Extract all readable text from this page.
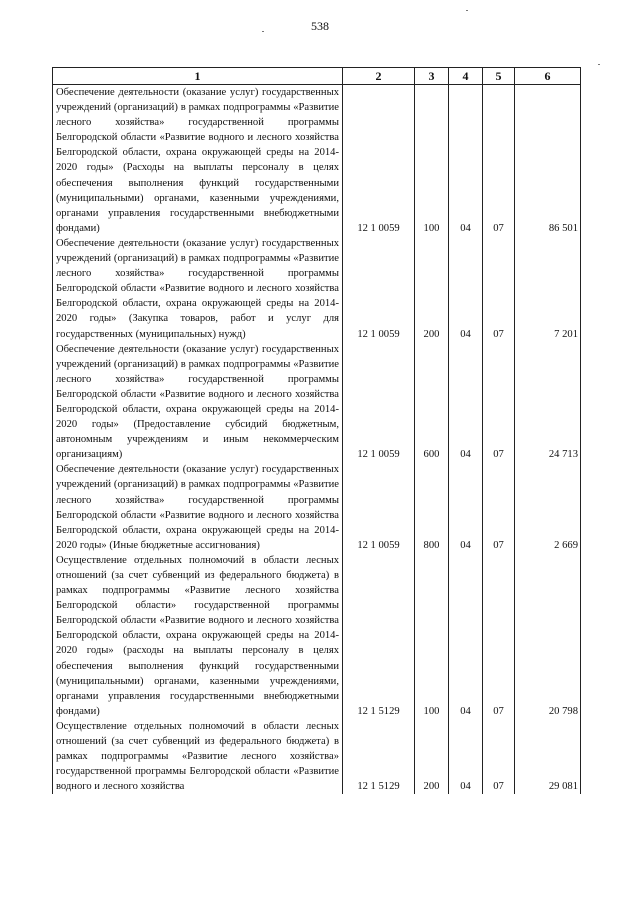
538
1	2	3	4	5	6
Обеспечение деятельности (оказание услуг) государственных учреждений (организаций) в рамках подпрограммы «Развитие лесного хозяйства» государственной программы Белгородской области «Развитие водного и лесного хозяйства Белгородской области, охрана окружающей среды на 2014-2020 годы» (Расходы на выплаты персоналу в целях обеспечения выполнения функций государственными (муниципальными) органами, казенными учреждениями, органами управления государственными внебюджетными фондами)	12 1 0059	100	04	07	86 501
Обеспечение деятельности (оказание услуг) государственных учреждений (организаций) в рамках подпрограммы «Развитие лесного хозяйства» государственной программы Белгородской области «Развитие водного и лесного хозяйства Белгородской области, охрана окружающей среды на 2014-2020 годы» (Закупка товаров, работ и услуг для государственных (муниципальных) нужд)	12 1 0059	200	04	07	7 201
Обеспечение деятельности (оказание услуг) государственных учреждений (организаций) в рамках подпрограммы «Развитие лесного хозяйства» государственной программы Белгородской области «Развитие водного и лесного хозяйства Белгородской области, охрана окружающей среды на 2014-2020 годы» (Предоставление субсидий бюджетным, автономным учреждениям и иным некоммерческим организациям)	12 1 0059	600	04	07	24 713
Обеспечение деятельности (оказание услуг) государственных учреждений (организаций) в рамках подпрограммы «Развитие лесного хозяйства» государственной программы Белгородской области «Развитие водного и лесного хозяйства Белгородской области, охрана окружающей среды на 2014-2020 годы» (Иные бюджетные ассигнования)	12 1 0059	800	04	07	2 669
Осуществление отдельных полномочий в области лесных отношений (за счет субвенций из федерального бюджета) в рамках подпрограммы «Развитие лесного хозяйства Белгородской области» государственной программы Белгородской области «Развитие водного и лесного хозяйства Белгородской области, охрана окружающей среды на 2014-2020 годы» (расходы на выплаты персоналу в целях обеспечения выполнения функций государственными (муниципальными) органами, казенными учреждениями, органами управления государственными внебюджетными фондами)	12 1 5129	100	04	07	20 798
Осуществление отдельных полномочий в области лесных отношений (за счет субвенций из федерального бюджета) в рамках подпрограммы «Развитие лесного хозяйства» государственной программы Белгородской области «Развитие водного и лесного хозяйства	12 1 5129	200	04	07	29 081
